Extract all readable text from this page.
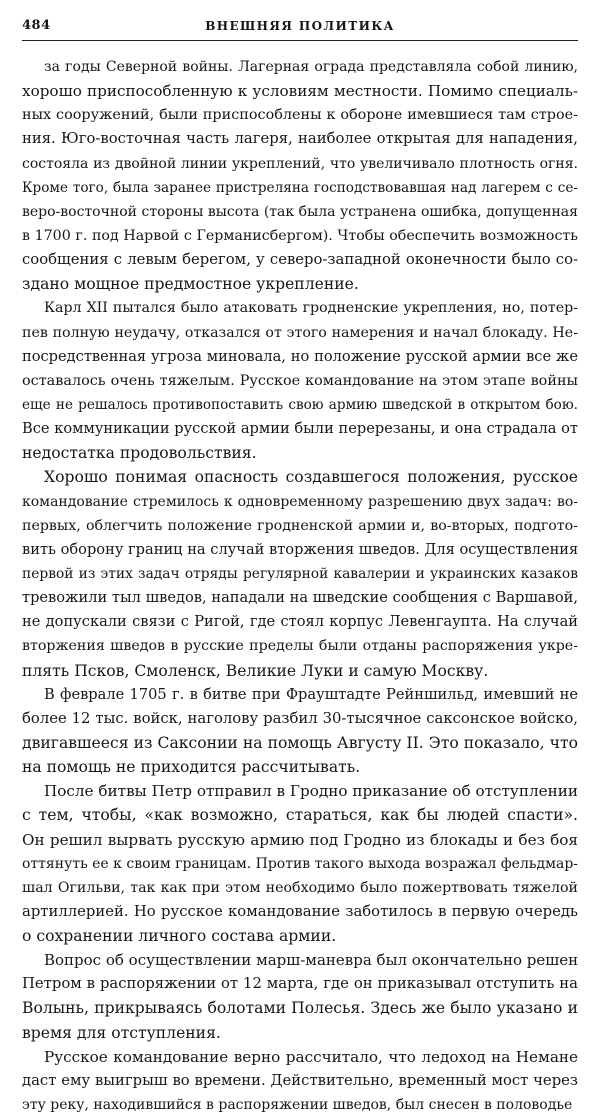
484	ВНЕШНЯЯ ПОЛИТИКА
за годы Северной войны. Лагерная ограда представляла собой линию,
хорошо приспособленную к условиям местности. Помимо специаль-
ных сооружений, были приспособлены к обороне имевшиеся там строе-
ния. Юго-восточная часть лагеря, наиболее открытая для нападения,
состояла из двойной линии укреплений, что увеличивало плотность огня.
Кроме того, была заранее пристреляна господствовавшая над лагерем с се-
веро-восточной стороны высота (так была устранена ошибка, допущенная
в 1700 г. под Нарвой с Германисбергом). Чтобы обеспечить возможность
сообщения с левым берегом, у северо-западной оконечности было со-
здано мощное предмостное укрепление.
Карл XII пытался было атаковать гродненские укрепления, но, потер-
пев полную неудачу, отказался от этого намерения и начал блокаду. Не-
посредственная угроза миновала, но положение русской армии все же
оставалось очень тяжелым. Русское командование на этом этапе войны
еще не решалось противопоставить свою армию шведской в открытом бою.
Все коммуникации русской армии были перерезаны, и она страдала от
недостатка продовольствия.
Хорошо понимая опасность создавшегося положения, русское
командование стремилось к одновременному разрешению двух задач: во-
первых, облегчить положение гродненской армии и, во-вторых, подгото-
вить оборону границ на случай вторжения шведов. Для осуществления
первой из этих задач отряды регулярной кавалерии и украинских казаков
тревожили тыл шведов, нападали на шведские сообщения с Варшавой,
не допускали связи с Ригой, где стоял корпус Левенгаупта. На случай
вторжения шведов в русские пределы были отданы распоряжения укре-
плять Псков, Смоленск, Великие Луки и самую Москву.
В феврале 1705 г. в битве при Фрауштадте Рейншильд, имевший не
более 12 тыс. войск, наголову разбил 30-тысячное саксонское войско,
двигавшееся из Саксонии на помощь Августу II. Это показало, что
на помощь не приходится рассчитывать.
После битвы Петр отправил в Гродно приказание об отступлении
с тем, чтобы, «как возможно, стараться, как бы людей спасти».
Он решил вырвать русскую армию под Гродно из блокады и без боя
оттянуть ее к своим границам. Против такого выхода возражал фельдмар-
шал Огильви, так как при этом необходимо было пожертвовать тяжелой
артиллерией. Но русское командование заботилось в первую очередь
о сохранении личного состава армии.
Вопрос об осуществлении марш-маневра был окончательно решен
Петром в распоряжении от 12 марта, где он приказывал отступить на
Волынь, прикрываясь болотами Полесья. Здесь же было указано и
время для отступления.
Русское командование верно рассчитало, что ледоход на Немане
даст ему выигрыш во времени. Действительно, временный мост через
эту реку, находившийся в распоряжении шведов, был снесен в половодье
